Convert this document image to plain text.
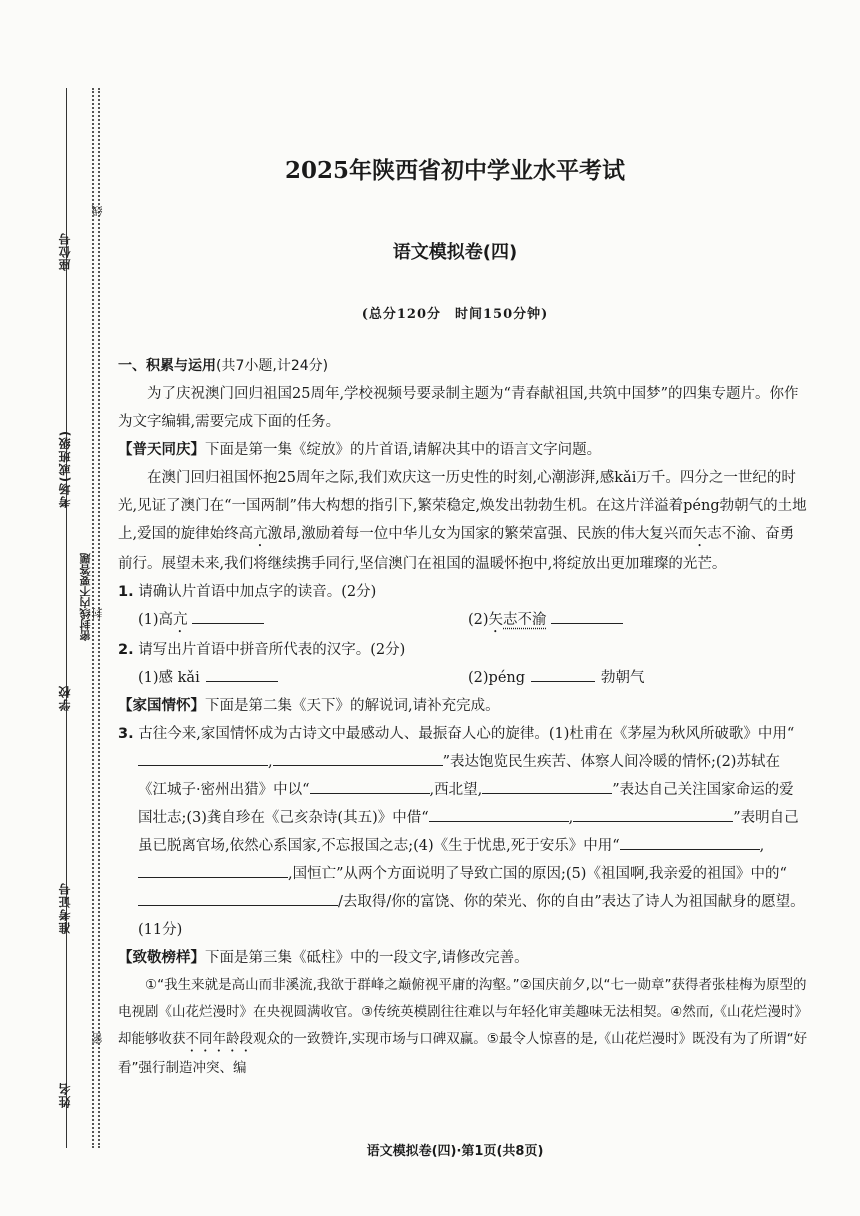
座位号
考场(或班级)
学校
准考证号
姓名
密封线内不要答题
线
封
密
2025年陕西省初中学业水平考试
语文模拟卷(四)
(总分120分　时间150分钟)

一、积累与运用(共7小题,计24分)

为了庆祝澳门回归祖国25周年,学校视频号要录制主题为“青春献祖国,共筑中国梦”的四集专题片。你作为文字编辑,需要完成下面的任务。

【普天同庆】下面是第一集《绽放》的片首语,请解决其中的语言文字问题。

在澳门回归祖国怀抱25周年之际,我们欢庆这一历史性的时刻,心潮澎湃,感kǎi万千。四分之一世纪的时光,见证了澳门在“一国两制”伟大构想的指引下,繁荣稳定,焕发出勃勃生机。在这片洋溢着péng勃朝气的土地上,爱国的旋律始终高亢激昂,激励着每一位中华儿女为国家的繁荣富强、民族的伟大复兴而矢志不渝、奋勇前行。展望未来,我们将继续携手同行,坚信澳门在祖国的温暖怀抱中,将绽放出更加璀璨的光芒。

1. 请确认片首语中加点字的读音。(2分)

(1)高亢	(2)矢志不渝

2. 请写出片首语中拼音所代表的汉字。(2分)

(1)感 kǎi	(2)péng	勃朝气

【家国情怀】下面是第二集《天下》的解说词,请补充完成。

3. 古往今来,家国情怀成为古诗文中最感动人、最振奋人心的旋律。(1)杜甫在《茅屋为秋风所破歌》中用“,	”表达饱览民生疾苦、体察人间冷暖的情怀;(2)苏轼在《江城子·密州出猎》中以“	,西北望,	”表达自己关注国家命运的爱国壮志;(3)龚自珍在《己亥杂诗(其五)》中借“	,	”表明自己虽已脱离官场,依然心系国家,不忘报国之志;(4)《生于忧患,死于安乐》中用“	,,国恒亡”从两个方面说明了导致亡国的原因;(5)《祖国啊,我亲爱的祖国》中的“/去取得/你的富饶、你的荣光、你的自由”表达了诗人为祖国献身的愿望。(11分)

【致敬榜样】下面是第三集《砥柱》中的一段文字,请修改完善。

①“我生来就是高山而非溪流,我欲于群峰之巅俯视平庸的沟壑。”②国庆前夕,以“七一勋章”获得者张桂梅为原型的电视剧《山花烂漫时》在央视圆满收官。③传统英模剧往往难以与年轻化审美趣味无法相契。④然而,《山花烂漫时》却能够收获不同年龄段观众的一致赞许,实现市场与口碑双赢。⑤最令人惊喜的是,《山花烂漫时》既没有为了所谓“好看”强行制造冲突、编

语文模拟卷(四)·第1页(共8页)
